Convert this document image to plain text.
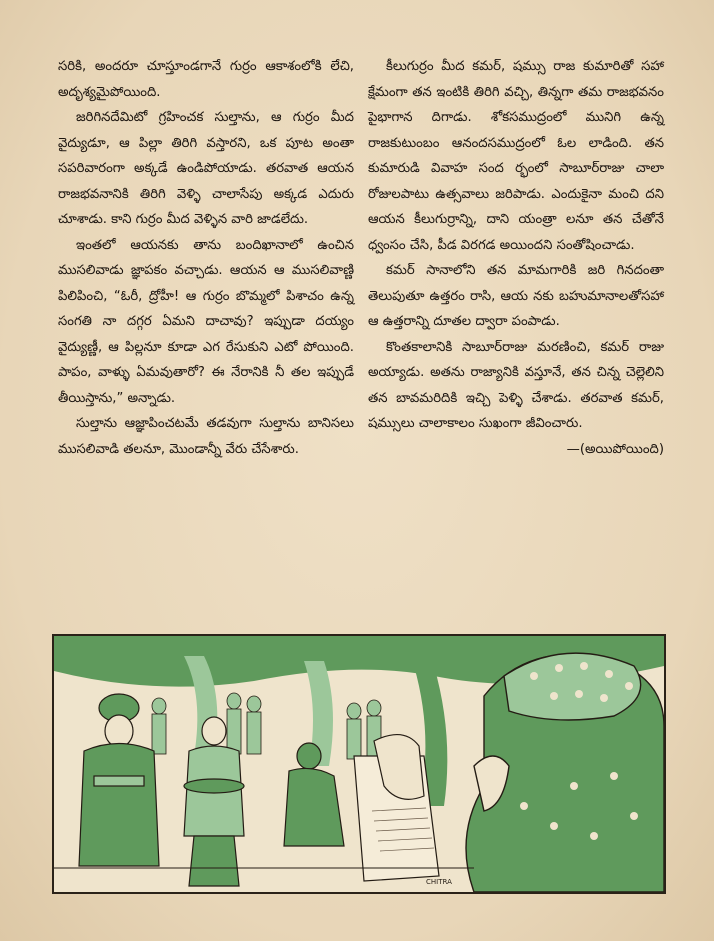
సరికి, అందరూ చూస్తూండగానే గుర్రం ఆకాశంలోకి లేచి, అదృశ్యమైపోయింది.

జరిగినదేమిటో గ్రహించక సుల్తాను, ఆ గుర్రం మీద వైద్యుడూ, ఆ పిల్లా తిరిగి వస్తారని, ఒక పూట అంతా సపరివారంగా అక్కడే ఉండిపోయాడు. తరవాత ఆయన రాజభవనానికి తిరిగి వెళ్ళి చాలాసేపు అక్కడ ఎదురు చూశాడు. కాని గుర్రం మీద వెళ్ళిన వారి జాడలేదు.

ఇంతలో ఆయనకు తాను బందిఖానాలో ఉంచిన ముసలివాడు జ్ఞాపకం వచ్చాడు. ఆయన ఆ ముసలివాణ్ణి పిలిపించి, “ఓరీ, ద్రోహీ! ఆ గుర్రం బొమ్మలో పిశాచం ఉన్న సంగతి నా దగ్గర ఏమని దాచావు? ఇప్పుడా దయ్యం వైద్యుణ్ణీ, ఆ పిల్లనూ కూడా ఎగ రేసుకుని ఎటో పోయింది. పాపం, వాళ్ళు ఏమవుతారో? ఈ నేరానికి నీ తల ఇప్పుడే తీయిస్తాను,” అన్నాడు.

సుల్తాను ఆజ్ఞాపించటమే తడవుగా సుల్తాను బానిసలు ముసలివాడి తలనూ, మొండాన్నీ వేరు చేసేశారు.

కీలుగుర్రం మీద కమర్, షమ్సు రాజ కుమారితో సహా క్షేమంగా తన ఇంటికి తిరిగి వచ్చి, తిన్నగా తమ రాజభవనం పైభాగాన దిగాడు. శోకసముద్రంలో మునిగి ఉన్న రాజకుటుంబం ఆనందసముద్రంలో ఓల లాడింది. తన కుమారుడి వివాహ సంద ర్భంలో సాబూర్‌రాజు చాలా రోజులపాటు ఉత్సవాలు జరిపాడు. ఎందుకైనా మంచి దని ఆయన కీలుగుర్రాన్ని, దాని యంత్రా లనూ తన చేతోనే ధ్వంసం చేసి, పీడ విరగడ అయిందని సంతోషించాడు.

కమర్ సానాలోని తన మామగారికి జరి గినదంతా తెలుపుతూ ఉత్తరం రాసి, ఆయ నకు బహుమానాలతోసహా ఆ ఉత్తరాన్ని దూతల ద్వారా పంపాడు.

కొంతకాలానికి సాబూర్‌రాజు మరణించి, కమర్ రాజు అయ్యాడు. అతను రాజ్యానికి వస్తూనే, తన చిన్న చెల్లెలిని తన బావమరిదికి ఇచ్చి పెళ్ళి చేశాడు. తరవాత కమర్, షమ్సులు చాలాకాలం సుఖంగా జీవించారు.

—(అయిపోయింది)

CHITRA
